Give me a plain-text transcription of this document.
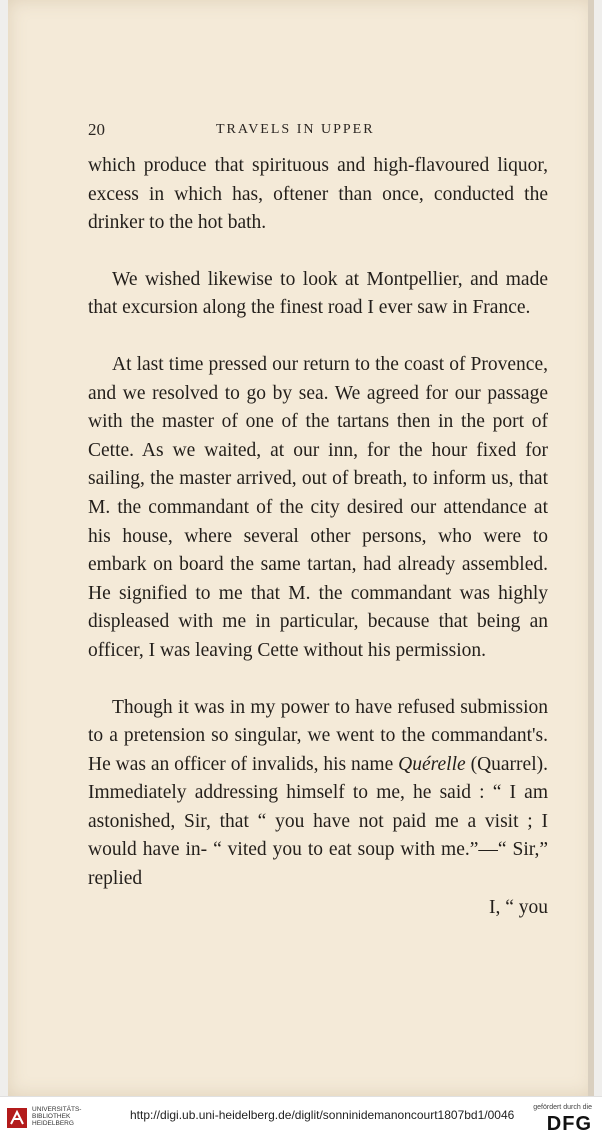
20	TRAVELS IN UPPER

which produce that spirituous and high-flavoured liquor, excess in which has, oftener than once, conducted the drinker to the hot bath.

We wished likewise to look at Montpellier, and made that excursion along the finest road I ever saw in France.

At last time pressed our return to the coast of Provence, and we resolved to go by sea. We agreed for our passage with the master of one of the tartans then in the port of Cette. As we waited, at our inn, for the hour fixed for sailing, the master arrived, out of breath, to inform us, that M. the commandant of the city desired our attendance at his house, where several other persons, who were to embark on board the same tartan, had already assembled. He signified to me that M. the commandant was highly displeased with me in particular, because that being an officer, I was leaving Cette without his permission.

Though it was in my power to have refused submission to a pretension so singular, we went to the commandant's. He was an officer of invalids, his name Quérelle (Quarrel). Immediately addressing himself to me, he said : “ I am astonished, Sir, that “ you have not paid me a visit ; I would have in- “ vited you to eat soup with me.”—“ Sir,” replied

I, “ you

UNIVERSITÄTS-
BIBLIOTHEK
HEIDELBERG
http://digi.ub.uni-heidelberg.de/diglit/sonninidemanoncourt1807bd1/0046
gefördert durch die
DFG
